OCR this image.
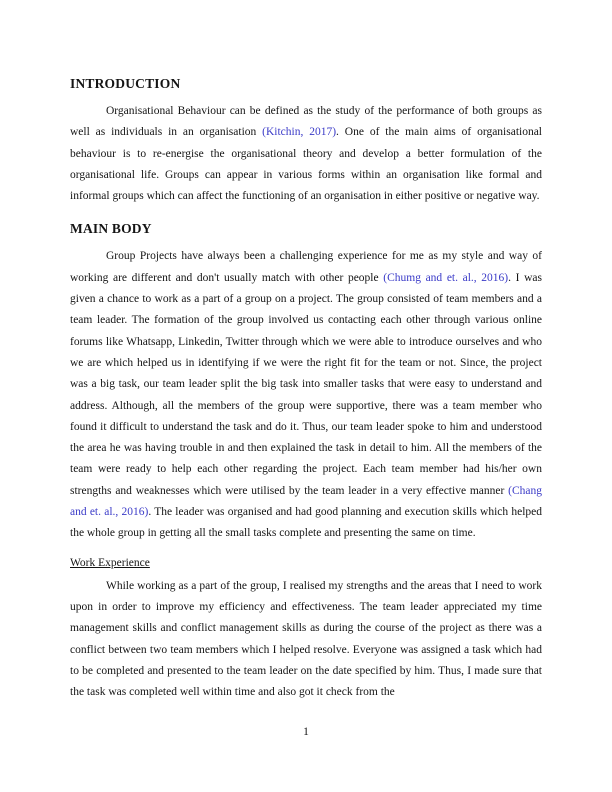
INTRODUCTION

Organisational Behaviour can be defined as the study of the performance of both groups as well as individuals in an organisation (Kitchin, 2017). One of the main aims of organisational behaviour is to re-energise the organisational theory and develop a better formulation of the organisational life. Groups can appear in various forms within an organisation like formal and informal groups which can affect the functioning of an organisation in either positive or negative way.

MAIN BODY

Group Projects have always been a challenging experience for me as my style and way of working are different and don't usually match with other people (Chumg and et. al., 2016). I was given a chance to work as a part of a group on a project. The group consisted of team members and a team leader. The formation of the group involved us contacting each other through various online forums like Whatsapp, Linkedin, Twitter through which we were able to introduce ourselves and who we are which helped us in identifying if we were the right fit for the team or not. Since, the project was a big task, our team leader split the big task into smaller tasks that were easy to understand and address. Although, all the members of the group were supportive, there was a team member who found it difficult to understand the task and do it. Thus, our team leader spoke to him and understood the area he was having trouble in and then explained the task in detail to him. All the members of the team were ready to help each other regarding the project. Each team member had his/her own strengths and weaknesses which were utilised by the team leader in a very effective manner (Chang and et. al., 2016). The leader was organised and had good planning and execution skills which helped the whole group in getting all the small tasks complete and presenting the same on time.

Work Experience

While working as a part of the group, I realised my strengths and the areas that I need to work upon in order to improve my efficiency and effectiveness. The team leader appreciated my time management skills and conflict management skills as during the course of the project as there was a conflict between two team members which I helped resolve. Everyone was assigned a task which had to be completed and presented to the team leader on the date specified by him. Thus, I made sure that the task was completed well within time and also got it check from the

1
